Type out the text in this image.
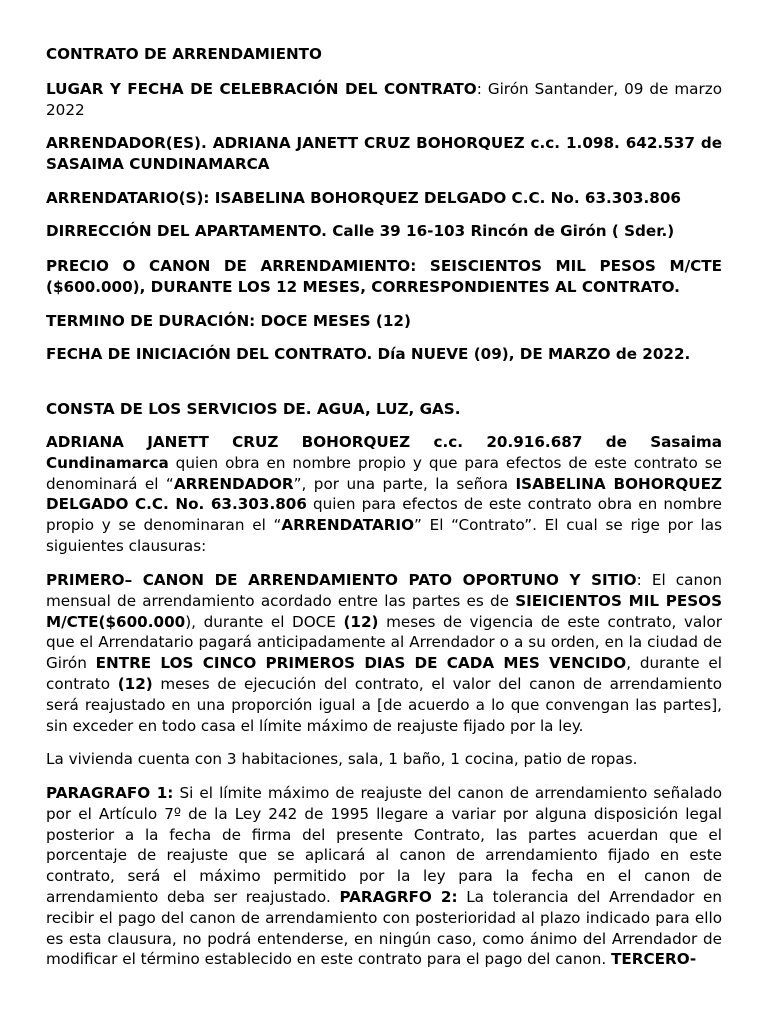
CONTRATO DE ARRENDAMIENTO

LUGAR Y FECHA DE CELEBRACIÓN DEL CONTRATO: Girón Santander, 09 de marzo 2022

ARRENDADOR(ES). ADRIANA JANETT CRUZ BOHORQUEZ c.c. 1.098. 642.537 de SASAIMA CUNDINAMARCA

ARRENDATARIO(S): ISABELINA BOHORQUEZ DELGADO C.C. No. 63.303.806

DIRRECCIÓN DEL APARTAMENTO. Calle 39 16-103 Rincón de Girón ( Sder.)

PRECIO O CANON DE ARRENDAMIENTO: SEISCIENTOS MIL PESOS M/CTE ($600.000), DURANTE LOS 12 MESES, CORRESPONDIENTES AL CONTRATO.

TERMINO DE DURACIÓN: DOCE MESES (12)

FECHA DE INICIACIÓN DEL CONTRATO. Día NUEVE (09), DE MARZO de 2022.

CONSTA DE LOS SERVICIOS DE. AGUA, LUZ, GAS.

ADRIANA JANETT CRUZ BOHORQUEZ c.c. 20.916.687 de Sasaima Cundinamarca quien obra en nombre propio y que para efectos de este contrato se denominará el “ARRENDADOR”, por una parte, la señora ISABELINA BOHORQUEZ DELGADO C.C. No. 63.303.806 quien para efectos de este contrato obra en nombre propio y se denominaran el “ARRENDATARIO” El “Contrato”. El cual se rige por las siguientes clausuras:

PRIMERO– CANON DE ARRENDAMIENTO PATO OPORTUNO Y SITIO: El canon mensual de arrendamiento acordado entre las partes es de SIEICIENTOS MIL PESOS M/CTE($600.000), durante el DOCE (12) meses de vigencia de este contrato, valor que el Arrendatario pagará anticipadamente al Arrendador o a su orden, en la ciudad de Girón ENTRE LOS CINCO PRIMEROS DIAS DE CADA MES VENCIDO, durante el contrato (12) meses de ejecución del contrato, el valor del canon de arrendamiento será reajustado en una proporción igual a [de acuerdo a lo que convengan las partes], sin exceder en todo casa el límite máximo de reajuste fijado por la ley.

La vivienda cuenta con 3 habitaciones, sala, 1 baño, 1 cocina, patio de ropas.

PARAGRAFO 1: Si el límite máximo de reajuste del canon de arrendamiento señalado por el Artículo 7º de la Ley 242 de 1995 llegare a variar por alguna disposición legal posterior a la fecha de firma del presente Contrato, las partes acuerdan que el porcentaje de reajuste que se aplicará al canon de arrendamiento fijado en este contrato, será el máximo permitido por la ley para la fecha en el canon de arrendamiento deba ser reajustado. PARAGRFO 2: La tolerancia del Arrendador en recibir el pago del canon de arrendamiento con posterioridad al plazo indicado para ello es esta clausura, no podrá entenderse, en ningún caso, como ánimo del Arrendador de modificar el término establecido en este contrato para el pago del canon. TERCERO-
